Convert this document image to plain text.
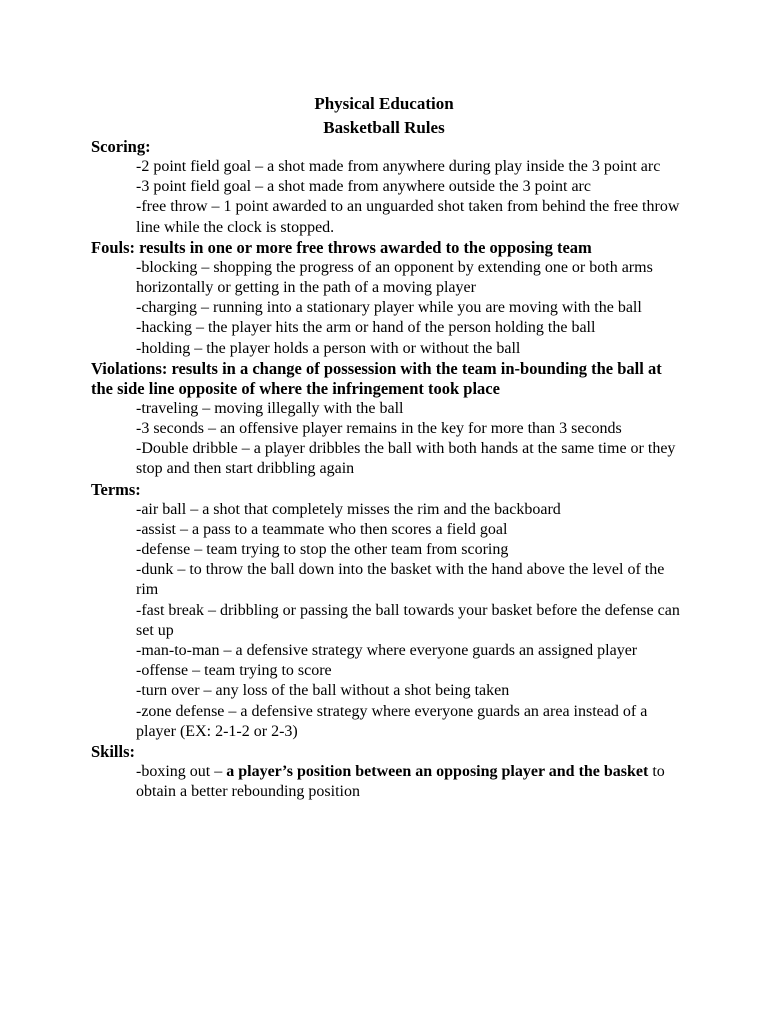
Physical Education
Basketball Rules
Scoring:
-2 point field goal – a shot made from anywhere during play inside the 3 point arc
-3 point field goal – a shot made from anywhere outside the 3 point arc
-free throw – 1 point awarded to an unguarded shot taken from behind the free throw line while the clock is stopped.
Fouls: results in one or more free throws awarded to the opposing team
-blocking – shopping the progress of an opponent by extending one or both arms horizontally or getting in the path of a moving player
-charging – running into a stationary player while you are moving with the ball
-hacking – the player hits the arm or hand of the person holding the ball
-holding – the player holds a person with or without the ball
Violations: results in a change of possession with the team in-bounding the ball at the side line opposite of where the infringement took place
-traveling – moving illegally with the ball
-3 seconds – an offensive player remains in the key for more than 3 seconds
-Double dribble – a player dribbles the ball with both hands at the same time or they stop and then start dribbling again
Terms:
-air ball – a shot that completely misses the rim and the backboard
-assist – a pass to a teammate who then scores a field goal
-defense – team trying to stop the other team from scoring
-dunk – to throw the ball down into the basket with the hand above the level of the rim
-fast break – dribbling or passing the ball towards your basket before the defense can set up
-man-to-man – a defensive strategy where everyone guards an assigned player
-offense – team trying to score
-turn over – any loss of the ball without a shot being taken
-zone defense – a defensive strategy where everyone guards an area instead of a player (EX: 2-1-2 or 2-3)
Skills:
-boxing out – a player’s position between an opposing player and the basket to obtain a better rebounding position
